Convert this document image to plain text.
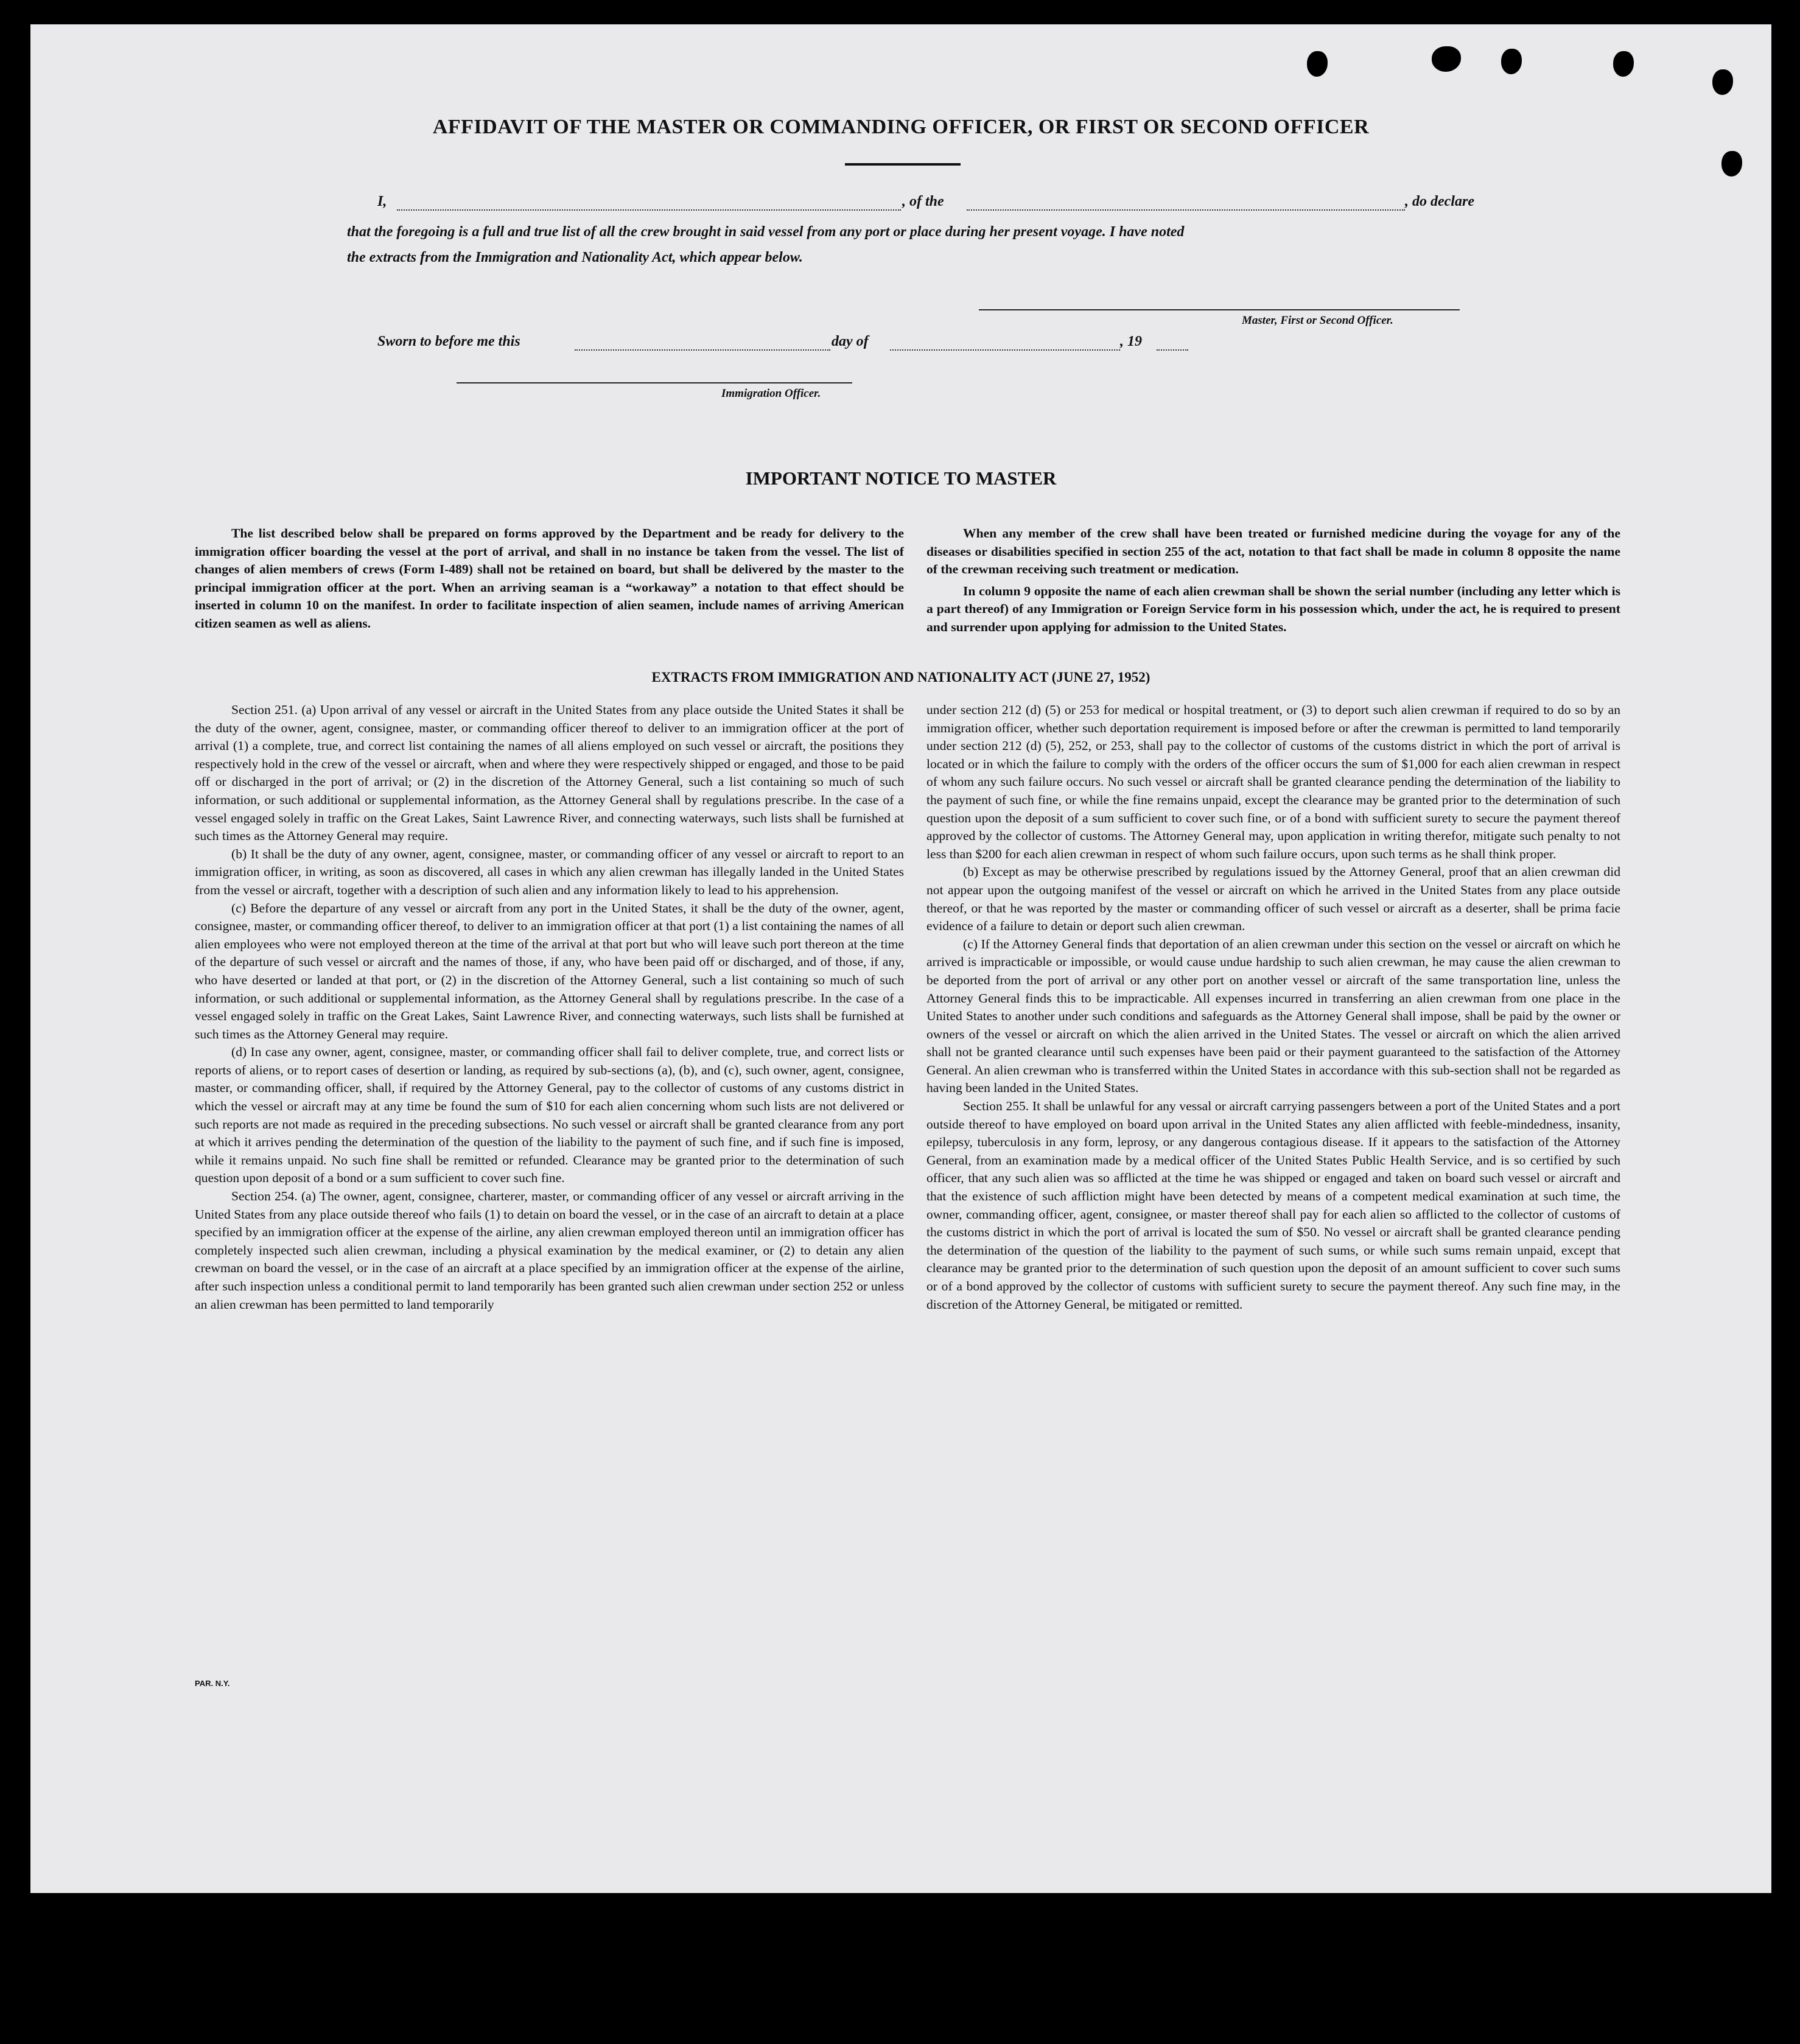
AFFIDAVIT OF THE MASTER OR COMMANDING OFFICER, OR FIRST OR SECOND OFFICER
I,	, of the	, do declare
that the foregoing is a full and true list of all the crew brought in said vessel from any port or place during her present voyage. I have noted
the extracts from the Immigration and Nationality Act, which appear below.
Master, First or Second Officer.
Sworn to before me this	day of	, 19
Immigration Officer.
IMPORTANT NOTICE TO MASTER

The list described below shall be prepared on forms approved by the Department and be ready for delivery to the immigration officer boarding the vessel at the port of arrival, and shall in no instance be taken from the vessel. The list of changes of alien members of crews (Form I-489) shall not be retained on board, but shall be delivered by the master to the principal immigration officer at the port. When an arriving seaman is a “workaway” a notation to that effect should be inserted in column 10 on the manifest. In order to facilitate inspection of alien seamen, include names of arriving American citizen seamen as well as aliens.

When any member of the crew shall have been treated or furnished medicine during the voyage for any of the diseases or disabilities specified in section 255 of the act, notation to that fact shall be made in column 8 opposite the name of the crewman receiving such treatment or medication.

In column 9 opposite the name of each alien crewman shall be shown the serial number (including any letter which is a part thereof) of any Immigration or Foreign Service form in his possession which, under the act, he is required to present and surrender upon applying for admission to the United States.

EXTRACTS FROM IMMIGRATION AND NATIONALITY ACT (JUNE 27, 1952)

Section 251. (a) Upon arrival of any vessel or aircraft in the United States from any place outside the United States it shall be the duty of the owner, agent, consignee, master, or commanding officer thereof to deliver to an immigration officer at the port of arrival (1) a complete, true, and correct list containing the names of all aliens employed on such vessel or aircraft, the positions they respectively hold in the crew of the vessel or aircraft, when and where they were respectively shipped or engaged, and those to be paid off or discharged in the port of arrival; or (2) in the discretion of the Attorney General, such a list containing so much of such information, or such additional or supplemental information, as the Attorney General shall by regulations prescribe. In the case of a vessel engaged solely in traffic on the Great Lakes, Saint Lawrence River, and connecting waterways, such lists shall be furnished at such times as the Attorney General may require.

(b) It shall be the duty of any owner, agent, consignee, master, or commanding officer of any vessel or aircraft to report to an immigration officer, in writing, as soon as discovered, all cases in which any alien crewman has illegally landed in the United States from the vessel or aircraft, together with a description of such alien and any information likely to lead to his apprehension.

(c) Before the departure of any vessel or aircraft from any port in the United States, it shall be the duty of the owner, agent, consignee, master, or commanding officer thereof, to deliver to an immigration officer at that port (1) a list containing the names of all alien employees who were not employed thereon at the time of the arrival at that port but who will leave such port thereon at the time of the departure of such vessel or aircraft and the names of those, if any, who have been paid off or discharged, and of those, if any, who have deserted or landed at that port, or (2) in the discretion of the Attorney General, such a list containing so much of such information, or such additional or supplemental information, as the Attorney General shall by regulations prescribe. In the case of a vessel engaged solely in traffic on the Great Lakes, Saint Lawrence River, and connecting waterways, such lists shall be furnished at such times as the Attorney General may require.

(d) In case any owner, agent, consignee, master, or commanding officer shall fail to deliver complete, true, and correct lists or reports of aliens, or to report cases of desertion or landing, as required by sub-sections (a), (b), and (c), such owner, agent, consignee, master, or commanding officer, shall, if required by the Attorney General, pay to the collector of customs of any customs district in which the vessel or aircraft may at any time be found the sum of $10 for each alien concerning whom such lists are not delivered or such reports are not made as required in the preceding subsections. No such vessel or aircraft shall be granted clearance from any port at which it arrives pending the determination of the question of the liability to the payment of such fine, and if such fine is imposed, while it remains unpaid. No such fine shall be remitted or refunded. Clearance may be granted prior to the determination of such question upon deposit of a bond or a sum sufficient to cover such fine.

Section 254. (a) The owner, agent, consignee, charterer, master, or commanding officer of any vessel or aircraft arriving in the United States from any place outside thereof who fails (1) to detain on board the vessel, or in the case of an aircraft to detain at a place specified by an immigration officer at the expense of the airline, any alien crewman employed thereon until an immigration officer has completely inspected such alien crewman, including a physical examination by the medical examiner, or (2) to detain any alien crewman on board the vessel, or in the case of an aircraft at a place specified by an immigration officer at the expense of the airline, after such inspection unless a conditional permit to land temporarily has been granted such alien crewman under section 252 or unless an alien crewman has been permitted to land temporarily

under section 212 (d) (5) or 253 for medical or hospital treatment, or (3) to deport such alien crewman if required to do so by an immigration officer, whether such deportation requirement is imposed before or after the crewman is permitted to land temporarily under section 212 (d) (5), 252, or 253, shall pay to the collector of customs of the customs district in which the port of arrival is located or in which the failure to comply with the orders of the officer occurs the sum of $1,000 for each alien crewman in respect of whom any such failure occurs. No such vessel or aircraft shall be granted clearance pending the determination of the liability to the payment of such fine, or while the fine remains unpaid, except the clearance may be granted prior to the determination of such question upon the deposit of a sum sufficient to cover such fine, or of a bond with sufficient surety to secure the payment thereof approved by the collector of customs. The Attorney General may, upon application in writing therefor, mitigate such penalty to not less than $200 for each alien crewman in respect of whom such failure occurs, upon such terms as he shall think proper.

(b) Except as may be otherwise prescribed by regulations issued by the Attorney General, proof that an alien crewman did not appear upon the outgoing manifest of the vessel or aircraft on which he arrived in the United States from any place outside thereof, or that he was reported by the master or commanding officer of such vessel or aircraft as a deserter, shall be prima facie evidence of a failure to detain or deport such alien crewman.

(c) If the Attorney General finds that deportation of an alien crewman under this section on the vessel or aircraft on which he arrived is impracticable or impossible, or would cause undue hardship to such alien crewman, he may cause the alien crewman to be deported from the port of arrival or any other port on another vessel or aircraft of the same transportation line, unless the Attorney General finds this to be impracticable. All expenses incurred in transferring an alien crewman from one place in the United States to another under such conditions and safeguards as the Attorney General shall impose, shall be paid by the owner or owners of the vessel or aircraft on which the alien arrived in the United States. The vessel or aircraft on which the alien arrived shall not be granted clearance until such expenses have been paid or their payment guaranteed to the satisfaction of the Attorney General. An alien crewman who is transferred within the United States in accordance with this sub-section shall not be regarded as having been landed in the United States.

Section 255. It shall be unlawful for any vessal or aircraft carrying passengers between a port of the United States and a port outside thereof to have employed on board upon arrival in the United States any alien afflicted with feeble-mindedness, insanity, epilepsy, tuberculosis in any form, leprosy, or any dangerous contagious disease. If it appears to the satisfaction of the Attorney General, from an examination made by a medical officer of the United States Public Health Service, and is so certified by such officer, that any such alien was so afflicted at the time he was shipped or engaged and taken on board such vessel or aircraft and that the existence of such affliction might have been detected by means of a competent medical examination at such time, the owner, commanding officer, agent, consignee, or master thereof shall pay for each alien so afflicted to the collector of customs of the customs district in which the port of arrival is located the sum of $50. No vessel or aircraft shall be granted clearance pending the determination of the question of the liability to the payment of such sums, or while such sums remain unpaid, except that clearance may be granted prior to the determination of such question upon the deposit of an amount sufficient to cover such sums or of a bond approved by the collector of customs with sufficient surety to secure the payment thereof. Any such fine may, in the discretion of the Attorney General, be mitigated or remitted.

PAR. N.Y.
